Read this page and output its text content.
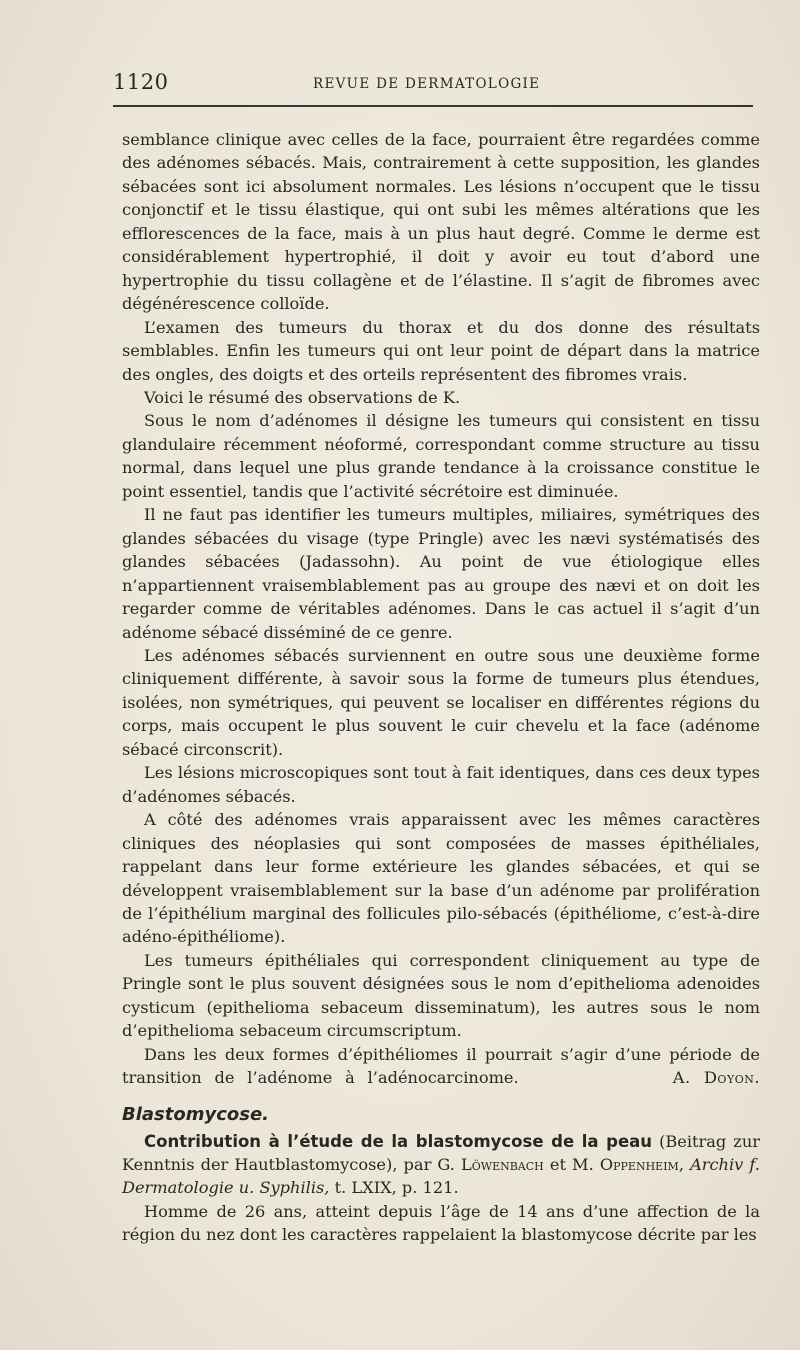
1120	REVUE DE DERMATOLOGIE

semblance clinique avec celles de la face, pourraient être regardées comme des adénomes sébacés. Mais, contrairement à cette supposition, les glandes sébacées sont ici absolument normales. Les lésions n’occupent que le tissu conjonctif et le tissu élastique, qui ont subi les mêmes altérations que les efflorescences de la face, mais à un plus haut degré. Comme le derme est considérablement hypertrophié, il doit y avoir eu tout d’abord une hypertrophie du tissu collagène et de l’élastine. Il s’agit de fibromes avec dégénérescence colloïde.

L’examen des tumeurs du thorax et du dos donne des résultats semblables. Enfin les tumeurs qui ont leur point de départ dans la matrice des ongles, des doigts et des orteils représentent des fibromes vrais.

Voici le résumé des observations de K.

Sous le nom d’adénomes il désigne les tumeurs qui consistent en tissu glandulaire récemment néoformé, correspondant comme structure au tissu normal, dans lequel une plus grande tendance à la croissance constitue le point essentiel, tandis que l’activité sécrétoire est diminuée.

Il ne faut pas identifier les tumeurs multiples, miliaires, symétriques des glandes sébacées du visage (type Pringle) avec les nævi systématisés des glandes sébacées (Jadassohn). Au point de vue étiologique elles n’appartiennent vraisemblablement pas au groupe des nævi et on doit les regarder comme de véritables adénomes. Dans le cas actuel il s’agit d’un adénome sébacé disséminé de ce genre.

Les adénomes sébacés surviennent en outre sous une deuxième forme cliniquement différente, à savoir sous la forme de tumeurs plus étendues, isolées, non symétriques, qui peuvent se localiser en différentes régions du corps, mais occupent le plus souvent le cuir chevelu et la face (adénome sébacé circonscrit).

Les lésions microscopiques sont tout à fait identiques, dans ces deux types d’adénomes sébacés.

A côté des adénomes vrais apparaissent avec les mêmes caractères cliniques des néoplasies qui sont composées de masses épithéliales, rappelant dans leur forme extérieure les glandes sébacées, et qui se développent vraisemblablement sur la base d’un adénome par prolifération de l’épithélium marginal des follicules pilo-sébacés (épithéliome, c’est-à-dire adéno-épithéliome).

Les tumeurs épithéliales qui correspondent cliniquement au type de Pringle sont le plus souvent désignées sous le nom d’epithelioma adenoides cysticum (epithelioma sebaceum disseminatum), les autres sous le nom d’epithelioma sebaceum circumscriptum.

Dans les deux formes d’épithéliomes il pourrait s’agir d’une période de transition de l’adénome à l’adénocarcinome.	A. Doyon.

Blastomycose.

Contribution à l’étude de la blastomycose de la peau (Beitrag zur Kenntnis der Hautblastomycose), par G. Löwenbach et M. Oppenheim, Archiv f. Dermatologie u. Syphilis, t. LXIX, p. 121.

Homme de 26 ans, atteint depuis l’âge de 14 ans d’une affection de la région du nez dont les caractères rappelaient la blastomycose décrite par les
